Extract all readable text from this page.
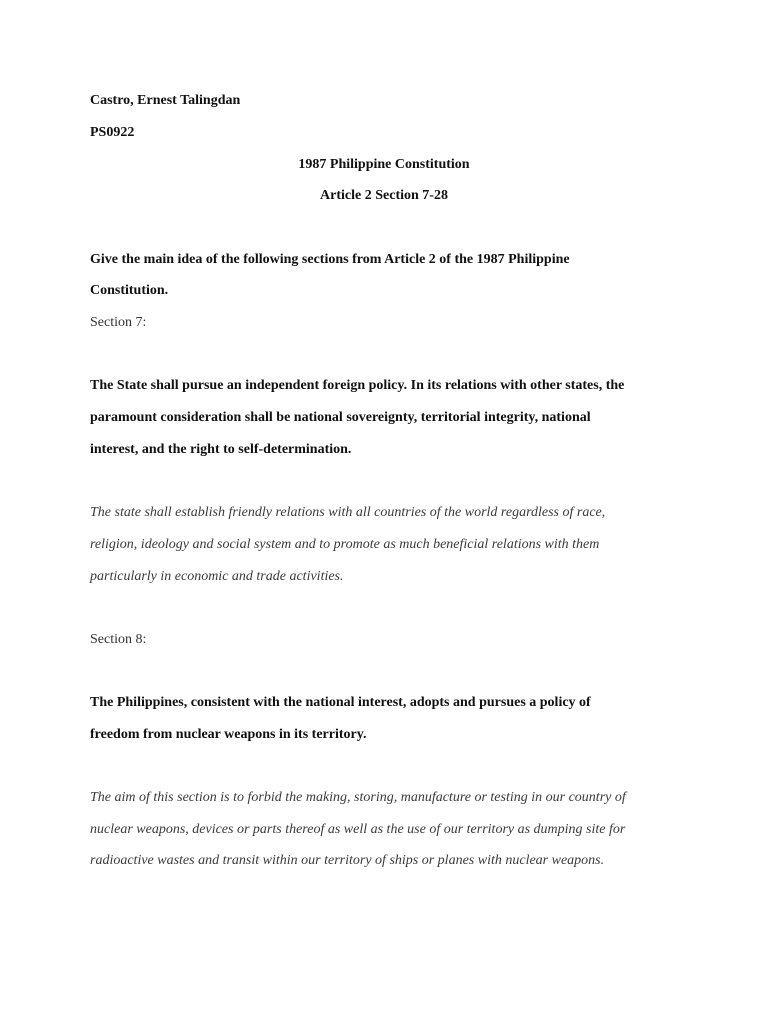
Castro, Ernest Talingdan
PS0922
1987 Philippine Constitution
Article 2 Section 7-28
Give the main idea of the following sections from Article 2 of the 1987 Philippine
Constitution.
Section 7:
The State shall pursue an independent foreign policy. In its relations with other states, the
paramount consideration shall be national sovereignty, territorial integrity, national
interest, and the right to self-determination.
The state shall establish friendly relations with all countries of the world regardless of race,
religion, ideology and social system and to promote as much beneficial relations with them
particularly in economic and trade activities.
Section 8:
The Philippines, consistent with the national interest, adopts and pursues a policy of
freedom from nuclear weapons in its territory.
The aim of this section is to forbid the making, storing, manufacture or testing in our country of
nuclear weapons, devices or parts thereof as well as the use of our territory as dumping site for
radioactive wastes and transit within our territory of ships or planes with nuclear weapons.
